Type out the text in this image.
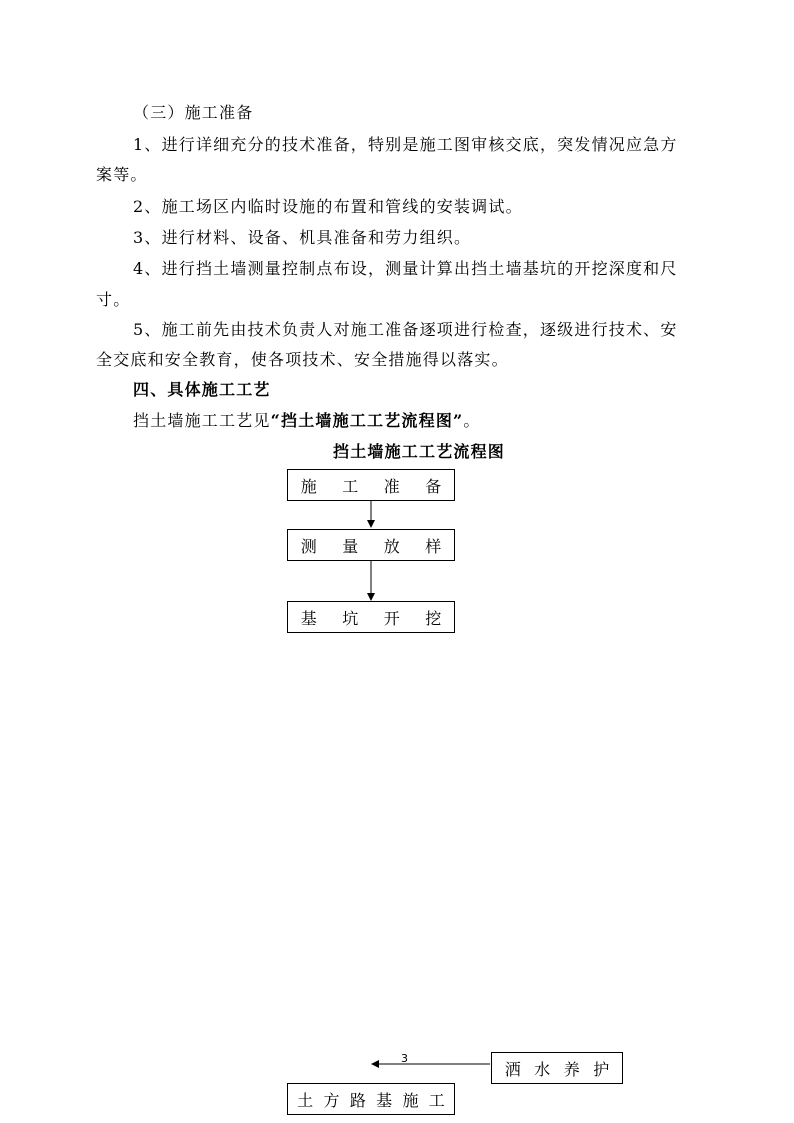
（三）施工准备
1、进行详细充分的技术准备，特别是施工图审核交底，突发情况应急方
案等。
2、施工场区内临时设施的布置和管线的安装调试。
3、进行材料、设备、机具准备和劳力组织。
4、进行挡土墙测量控制点布设，测量计算出挡土墙基坑的开挖深度和尺
寸。
5、施工前先由技术负责人对施工准备逐项进行检查，逐级进行技术、安
全交底和安全教育，使各项技术、安全措施得以落实。
四、具体施工工艺
挡土墙施工工艺见“挡土墙施工工艺流程图”。
挡土墙施工工艺流程图
施	工	准	备
测	量	放	样
基	坑	开	挖
3
洒 水 养 护
土 方 路 基 施 工
